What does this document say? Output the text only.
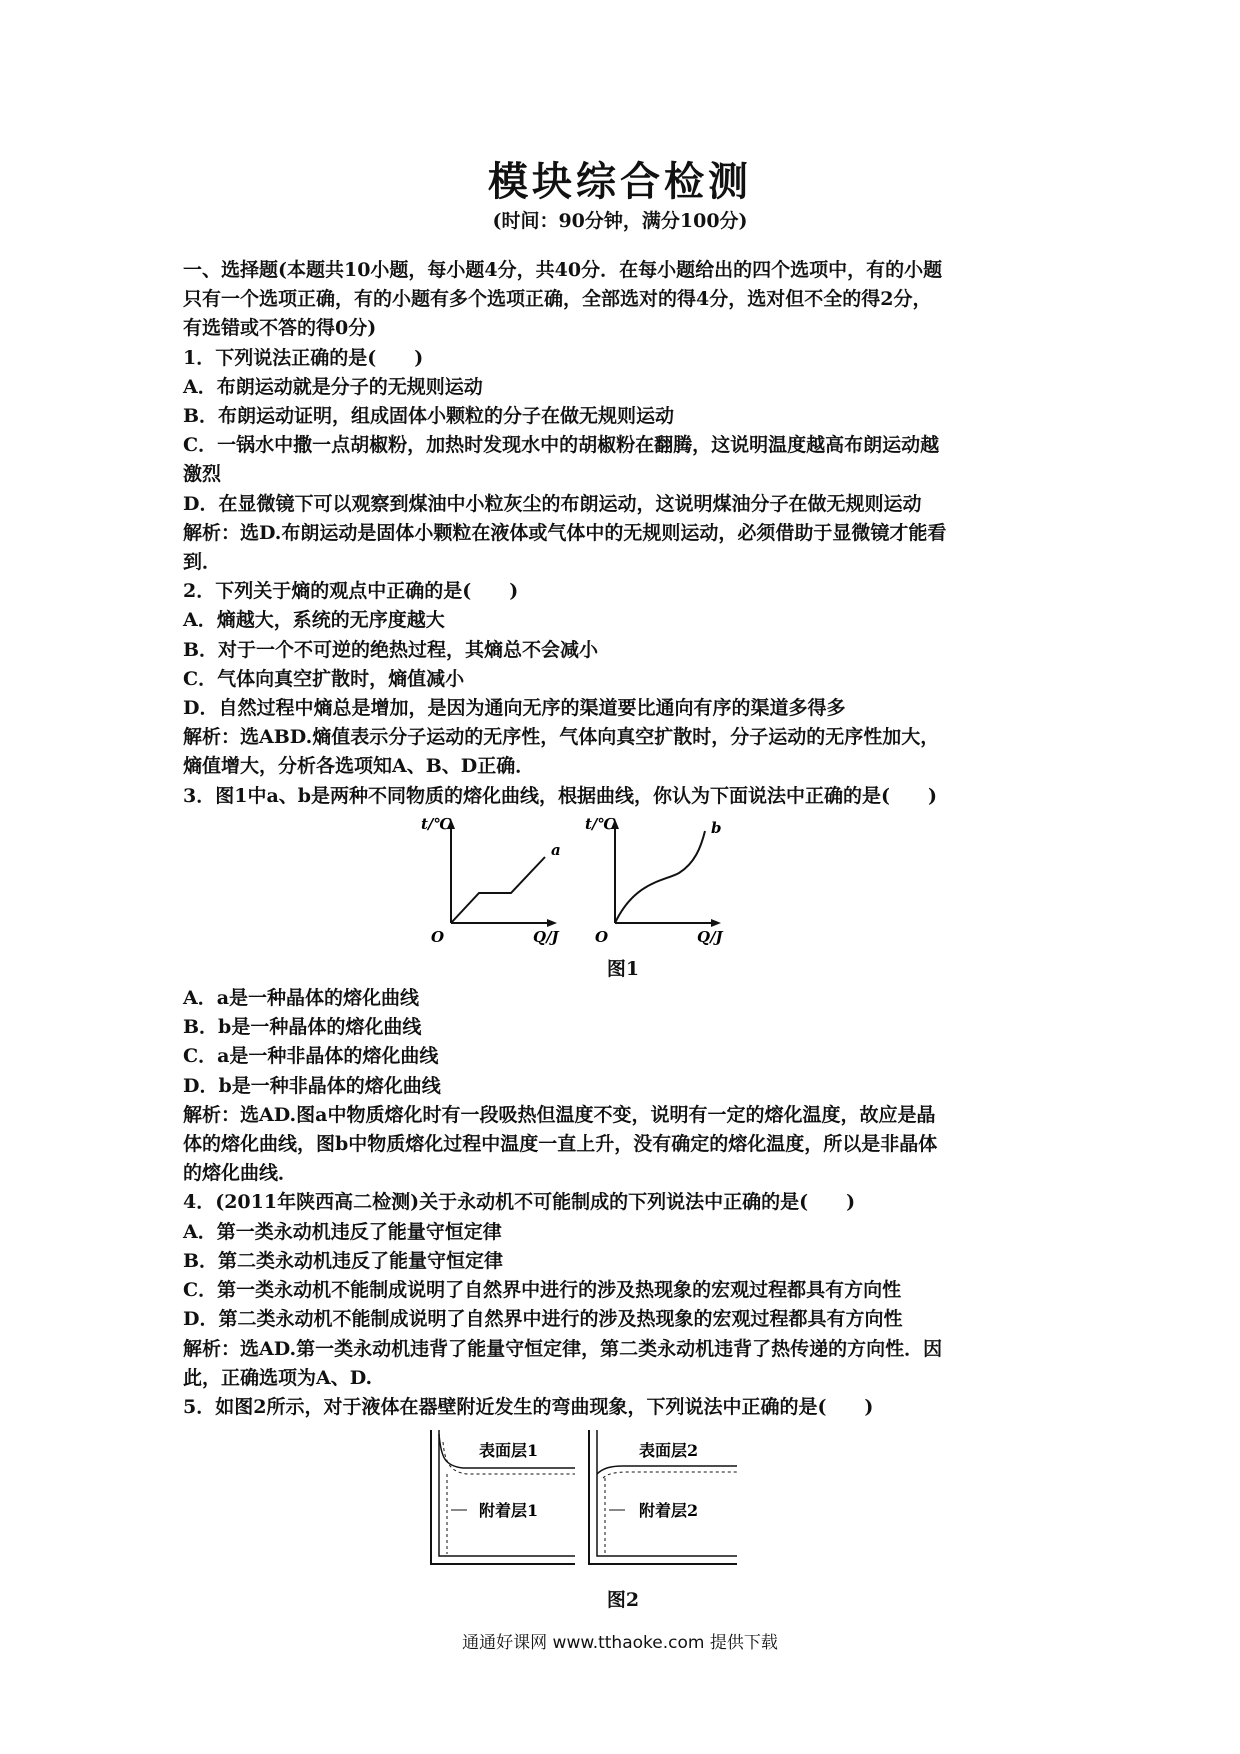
模块综合检测
(时间：90分钟，满分100分)
一、选择题(本题共10小题，每小题4分，共40分．在每小题给出的四个选项中，有的小题
只有一个选项正确，有的小题有多个选项正确，全部选对的得4分，选对但不全的得2分，
有选错或不答的得0分)
1．下列说法正确的是(　　)
A．布朗运动就是分子的无规则运动
B．布朗运动证明，组成固体小颗粒的分子在做无规则运动
C．一锅水中撒一点胡椒粉，加热时发现水中的胡椒粉在翻腾，这说明温度越高布朗运动越
激烈
D．在显微镜下可以观察到煤油中小粒灰尘的布朗运动，这说明煤油分子在做无规则运动
解析：选D.布朗运动是固体小颗粒在液体或气体中的无规则运动，必须借助于显微镜才能看
到．
2．下列关于熵的观点中正确的是(　　)
A．熵越大，系统的无序度越大
B．对于一个不可逆的绝热过程，其熵总不会减小
C．气体向真空扩散时，熵值减小
D．自然过程中熵总是增加，是因为通向无序的渠道要比通向有序的渠道多得多
解析：选ABD.熵值表示分子运动的无序性，气体向真空扩散时，分子运动的无序性加大，
熵值增大，分析各选项知A、B、D正确．
3．图1中a、b是两种不同物质的熔化曲线，根据曲线，你认为下面说法中正确的是(　　)
t/℃
O	Q/J
a
t/℃
O	Q/J
b
图1
A．a是一种晶体的熔化曲线
B．b是一种晶体的熔化曲线
C．a是一种非晶体的熔化曲线
D．b是一种非晶体的熔化曲线
解析：选AD.图a中物质熔化时有一段吸热但温度不变，说明有一定的熔化温度，故应是晶
体的熔化曲线，图b中物质熔化过程中温度一直上升，没有确定的熔化温度，所以是非晶体
的熔化曲线．
4．(2011年陕西高二检测)关于永动机不可能制成的下列说法中正确的是(　　)
A．第一类永动机违反了能量守恒定律
B．第二类永动机违反了能量守恒定律
C．第一类永动机不能制成说明了自然界中进行的涉及热现象的宏观过程都具有方向性
D．第二类永动机不能制成说明了自然界中进行的涉及热现象的宏观过程都具有方向性
解析：选AD.第一类永动机违背了能量守恒定律，第二类永动机违背了热传递的方向性．因
此，正确选项为A、D.
5．如图2所示，对于液体在器壁附近发生的弯曲现象，下列说法中正确的是(　　)
表面层1
附着层1
表面层2
附着层2
图2
通通好课网 www.tthaoke.com 提供下载
